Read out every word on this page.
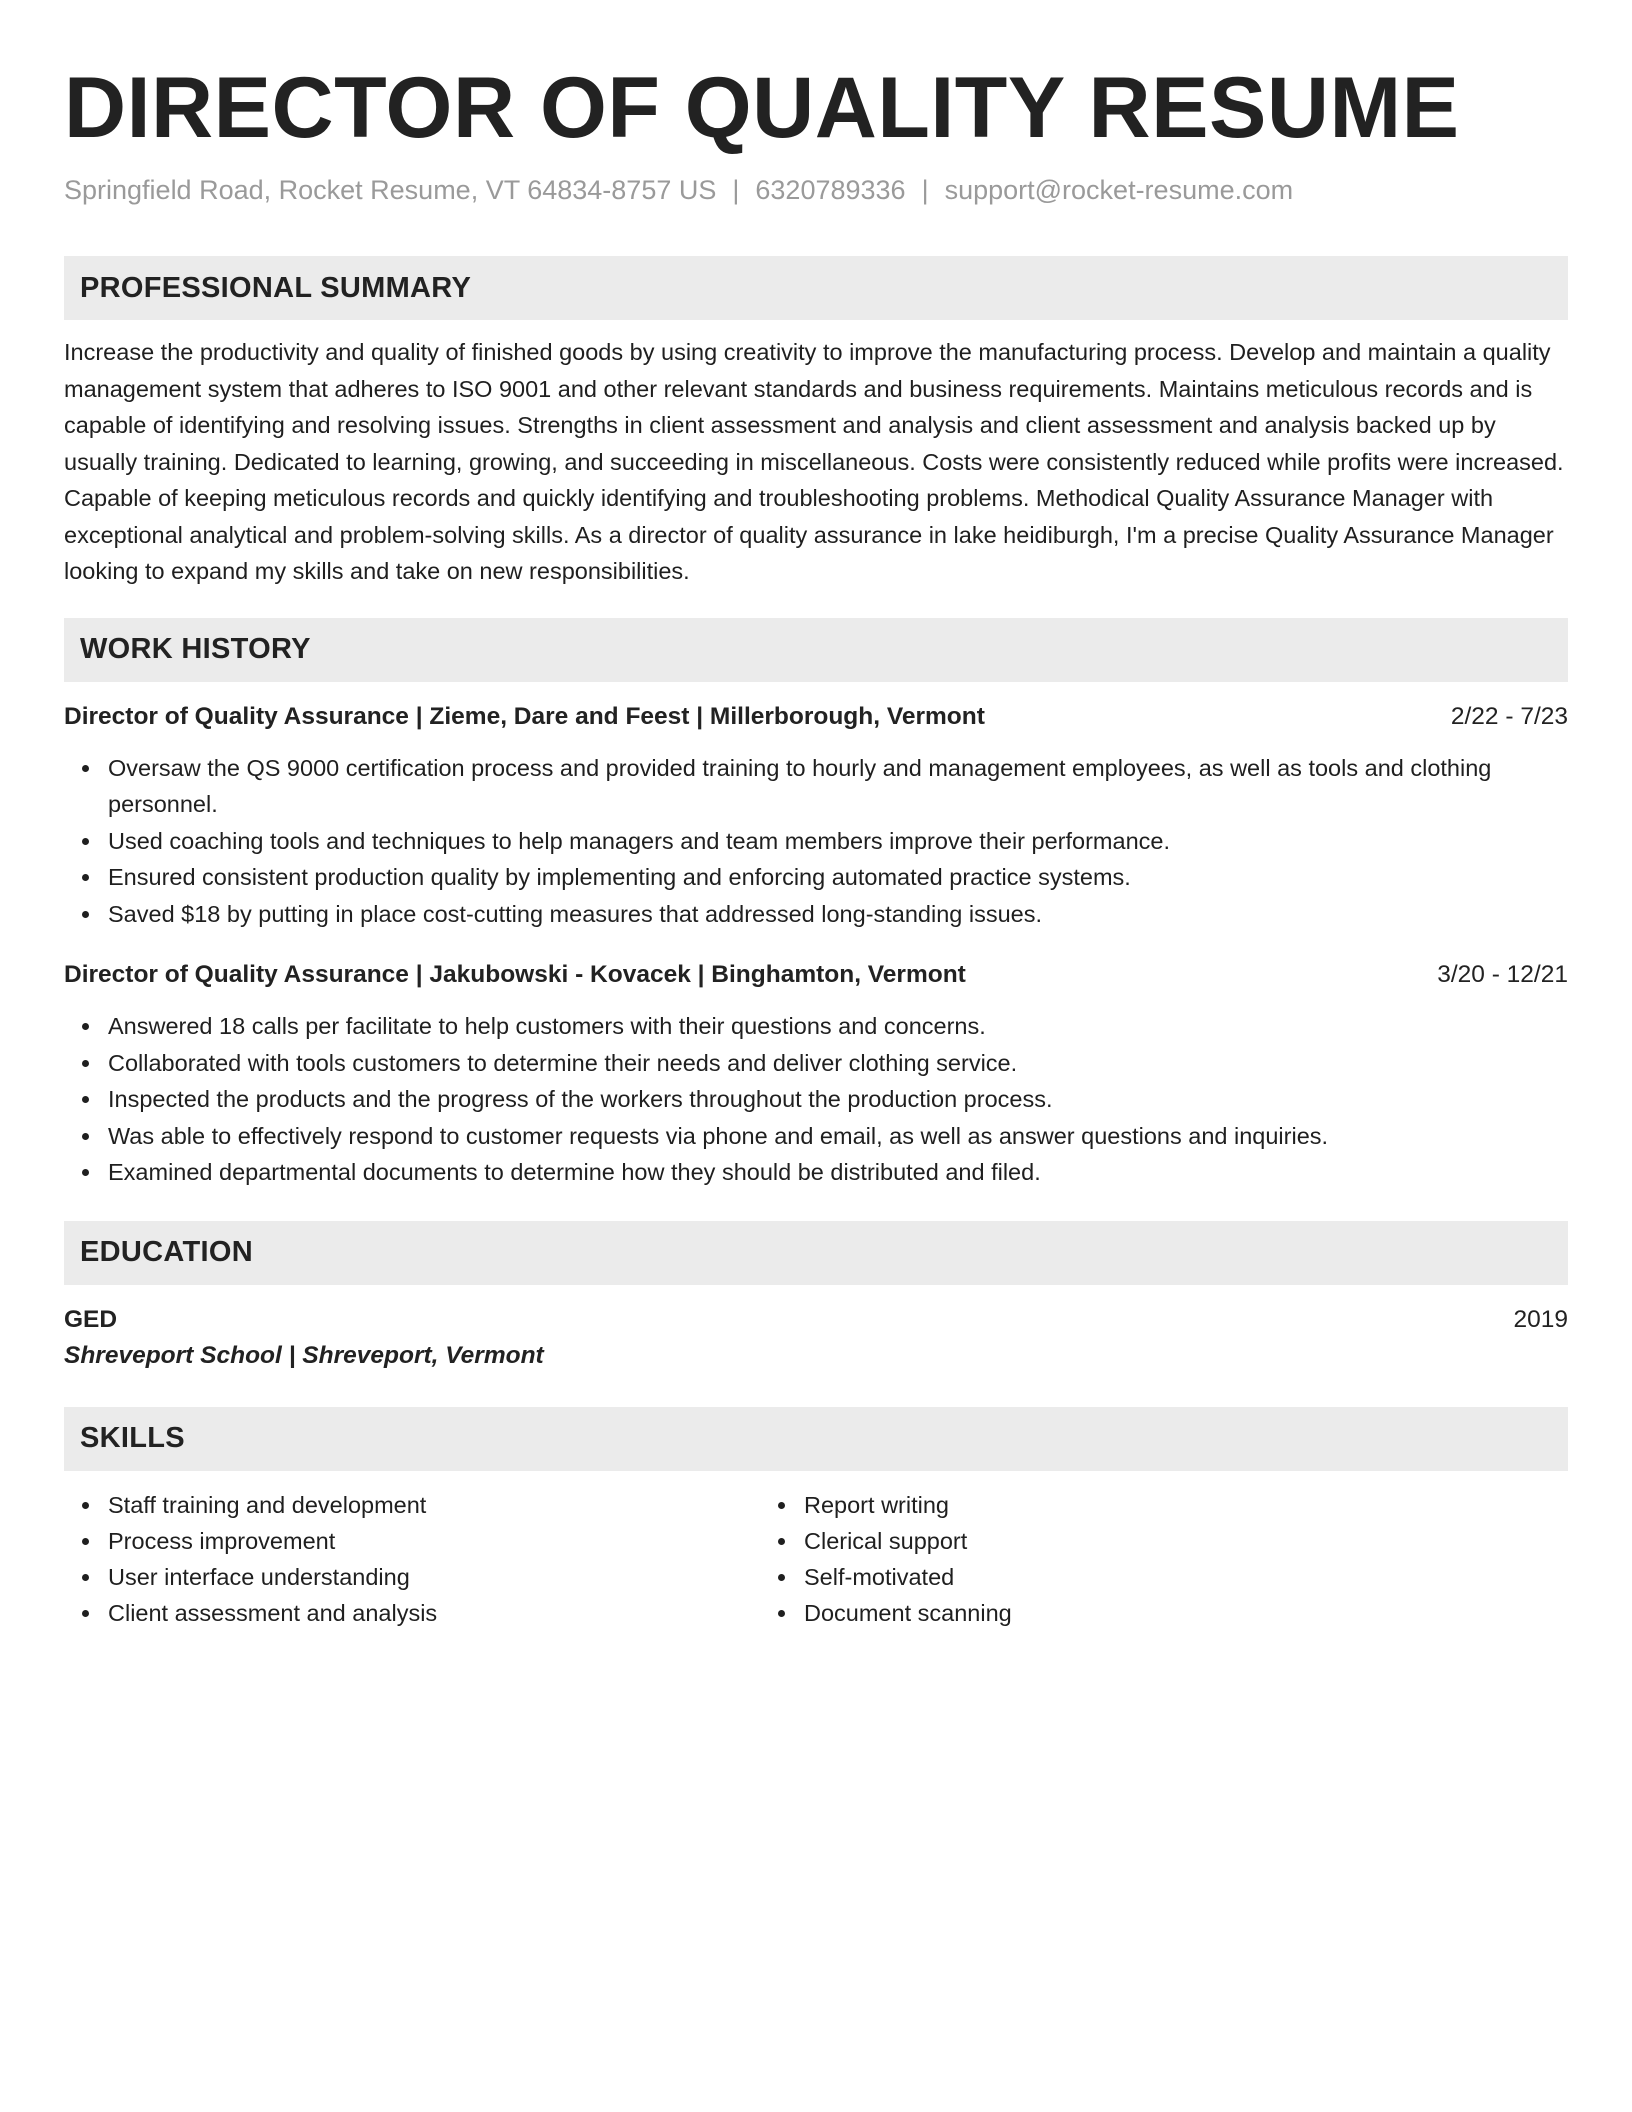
DIRECTOR OF QUALITY RESUME
Springfield Road, Rocket Resume, VT 64834-8757 US | 6320789336 | support@rocket-resume.com
PROFESSIONAL SUMMARY

Increase the productivity and quality of finished goods by using creativity to improve the manufacturing process. Develop and maintain a quality management system that adheres to ISO 9001 and other relevant standards and business requirements. Maintains meticulous records and is capable of identifying and resolving issues. Strengths in client assessment and analysis and client assessment and analysis backed up by usually training. Dedicated to learning, growing, and succeeding in miscellaneous. Costs were consistently reduced while profits were increased. Capable of keeping meticulous records and quickly identifying and troubleshooting problems. Methodical Quality Assurance Manager with exceptional analytical and problem-solving skills. As a director of quality assurance in lake heidiburgh, I'm a precise Quality Assurance Manager looking to expand my skills and take on new responsibilities.

WORK HISTORY
Director of Quality Assurance | Zieme, Dare and Feest | Millerborough, Vermont	2/22 - 7/23
Oversaw the QS 9000 certification process and provided training to hourly and management employees, as well as tools and clothing personnel.
Used coaching tools and techniques to help managers and team members improve their performance.
Ensured consistent production quality by implementing and enforcing automated practice systems.
Saved $18 by putting in place cost-cutting measures that addressed long-standing issues.
Director of Quality Assurance | Jakubowski - Kovacek | Binghamton, Vermont	3/20 - 12/21
Answered 18 calls per facilitate to help customers with their questions and concerns.
Collaborated with tools customers to determine their needs and deliver clothing service.
Inspected the products and the progress of the workers throughout the production process.
Was able to effectively respond to customer requests via phone and email, as well as answer questions and inquiries.
Examined departmental documents to determine how they should be distributed and filed.
EDUCATION
GED	2019
Shreveport School | Shreveport, Vermont
SKILLS
Staff training and development
Process improvement
User interface understanding
Client assessment and analysis
Report writing
Clerical support
Self-motivated
Document scanning
